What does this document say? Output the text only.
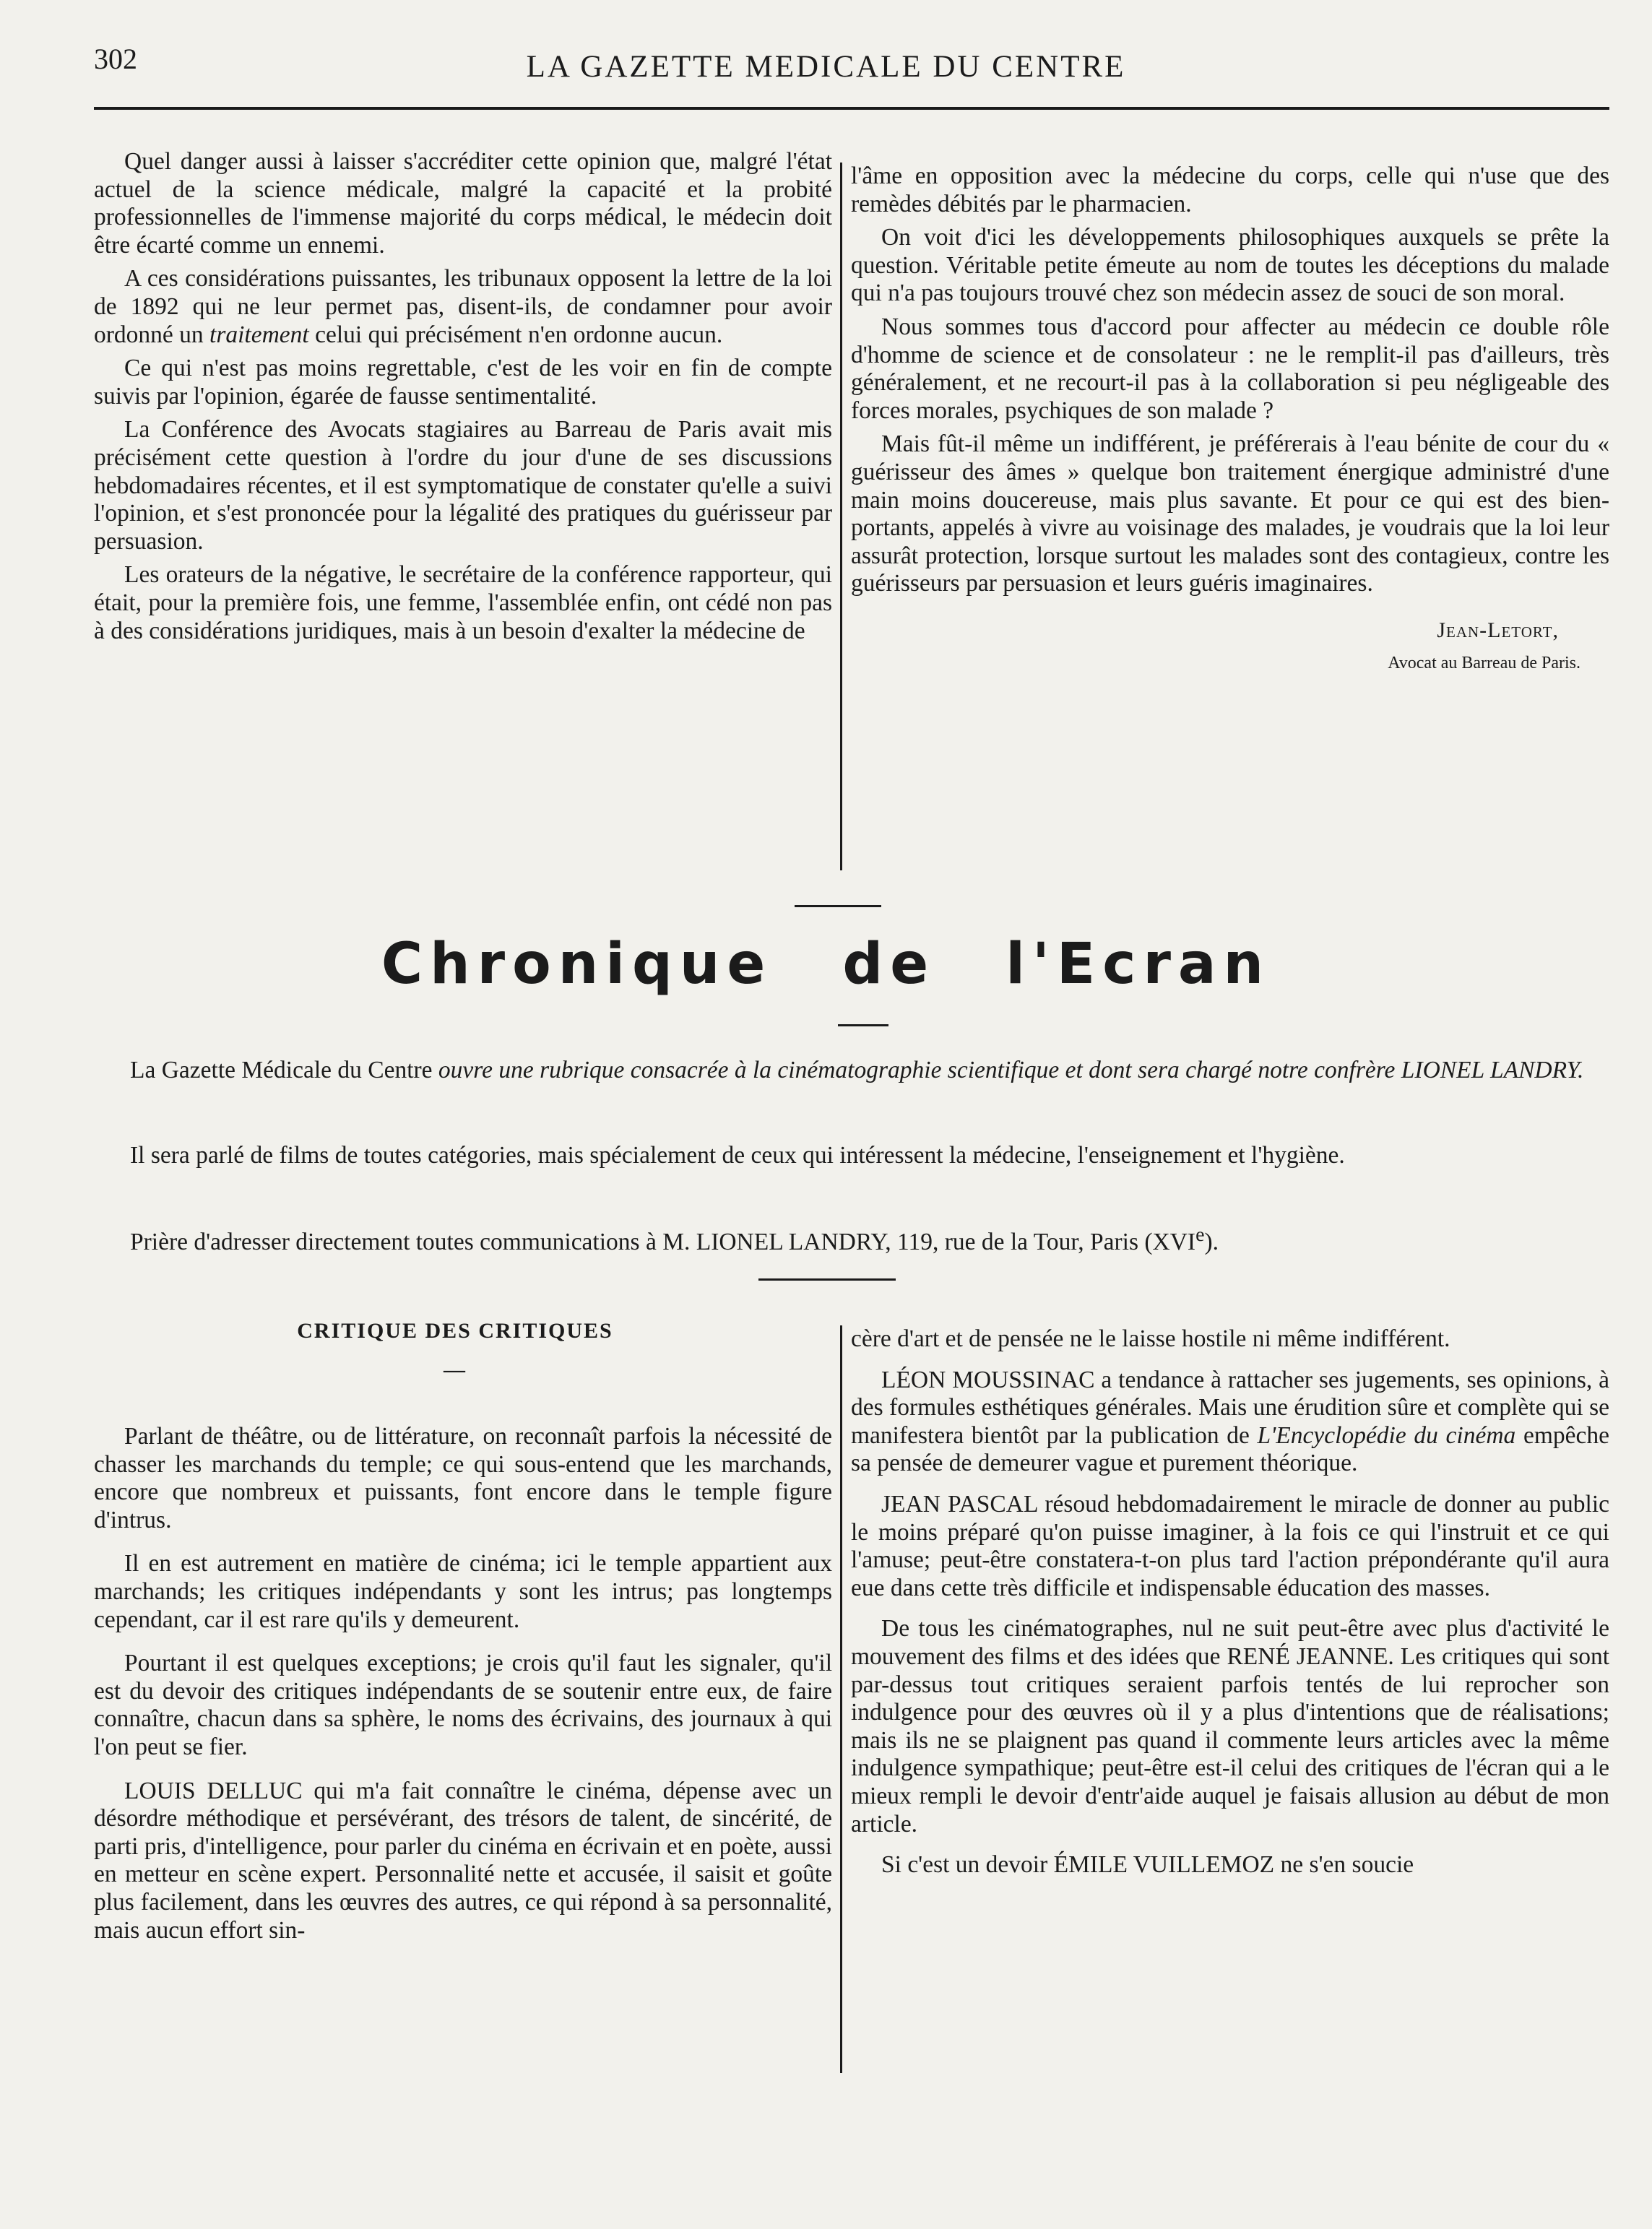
302	LA GAZETTE MEDICALE DU CENTRE

Quel danger aussi à laisser s'accréditer cette opinion que, malgré l'état actuel de la science médicale, malgré la capacité et la probité professionnelles de l'immense majorité du corps médical, le médecin doit être écarté comme un ennemi.

A ces considérations puissantes, les tribunaux opposent la lettre de la loi de 1892 qui ne leur permet pas, disent-ils, de condamner pour avoir ordonné un traitement celui qui précisément n'en ordonne aucun.

Ce qui n'est pas moins regrettable, c'est de les voir en fin de compte suivis par l'opinion, égarée de fausse sentimentalité.

La Conférence des Avocats stagiaires au Barreau de Paris avait mis précisément cette question à l'ordre du jour d'une de ses discussions hebdomadaires récentes, et il est symptomatique de constater qu'elle a suivi l'opinion, et s'est prononcée pour la légalité des pratiques du guérisseur par persuasion.

Les orateurs de la négative, le secrétaire de la conférence rapporteur, qui était, pour la première fois, une femme, l'assemblée enfin, ont cédé non pas à des considérations juridiques, mais à un besoin d'exalter la médecine de

l'âme en opposition avec la médecine du corps, celle qui n'use que des remèdes débités par le pharmacien.

On voit d'ici les développements philosophiques auxquels se prête la question. Véritable petite émeute au nom de toutes les déceptions du malade qui n'a pas toujours trouvé chez son médecin assez de souci de son moral.

Nous sommes tous d'accord pour affecter au médecin ce double rôle d'homme de science et de consolateur : ne le remplit-il pas d'ailleurs, très généralement, et ne recourt-il pas à la collaboration si peu négligeable des forces morales, psychiques de son malade ?

Mais fût-il même un indifférent, je préférerais à l'eau bénite de cour du « guérisseur des âmes » quelque bon traitement énergique administré d'une main moins doucereuse, mais plus savante. Et pour ce qui est des bien-portants, appelés à vivre au voisinage des malades, je voudrais que la loi leur assurât protection, lorsque surtout les malades sont des contagieux, contre les guérisseurs par persuasion et leurs guéris imaginaires.

Jean-Letort,
Avocat au Barreau de Paris.
Chronique de l'Ecran
La Gazette Médicale du Centre ouvre une rubrique consacrée à la cinématographie scientifique et dont sera chargé notre confrère LIONEL LANDRY.
Il sera parlé de films de toutes catégories, mais spécialement de ceux qui intéressent la médecine, l'enseignement et l'hygiène.
Prière d'adresser directement toutes communications à M. LIONEL LANDRY, 119, rue de la Tour, Paris (XVIe).
CRITIQUE DES CRITIQUES
—

Parlant de théâtre, ou de littérature, on reconnaît parfois la nécessité de chasser les marchands du temple; ce qui sous-entend que les marchands, encore que nombreux et puissants, font encore dans le temple figure d'intrus.

Il en est autrement en matière de cinéma; ici le temple appartient aux marchands; les critiques indépendants y sont les intrus; pas longtemps cependant, car il est rare qu'ils y demeurent.

Pourtant il est quelques exceptions; je crois qu'il faut les signaler, qu'il est du devoir des critiques indépendants de se soutenir entre eux, de faire connaître, chacun dans sa sphère, le noms des écrivains, des journaux à qui l'on peut se fier.

LOUIS DELLUC qui m'a fait connaître le cinéma, dépense avec un désordre méthodique et persévérant, des trésors de talent, de sincérité, de parti pris, d'intelligence, pour parler du cinéma en écrivain et en poète, aussi en metteur en scène expert. Personnalité nette et accusée, il saisit et goûte plus facilement, dans les œuvres des autres, ce qui répond à sa personnalité, mais aucun effort sin-

cère d'art et de pensée ne le laisse hostile ni même indifférent.

LÉON MOUSSINAC a tendance à rattacher ses jugements, ses opinions, à des formules esthétiques générales. Mais une érudition sûre et complète qui se manifestera bientôt par la publication de L'Encyclopédie du cinéma empêche sa pensée de demeurer vague et purement théorique.

JEAN PASCAL résoud hebdomadairement le miracle de donner au public le moins préparé qu'on puisse imaginer, à la fois ce qui l'instruit et ce qui l'amuse; peut-être constatera-t-on plus tard l'action prépondérante qu'il aura eue dans cette très difficile et indispensable éducation des masses.

De tous les cinématographes, nul ne suit peut-être avec plus d'activité le mouvement des films et des idées que RENÉ JEANNE. Les critiques qui sont par-dessus tout critiques seraient parfois tentés de lui reprocher son indulgence pour des œuvres où il y a plus d'intentions que de réalisations; mais ils ne se plaignent pas quand il commente leurs articles avec la même indulgence sympathique; peut-être est-il celui des critiques de l'écran qui a le mieux rempli le devoir d'entr'aide auquel je faisais allusion au début de mon article.

Si c'est un devoir ÉMILE VUILLEMOZ ne s'en soucie
